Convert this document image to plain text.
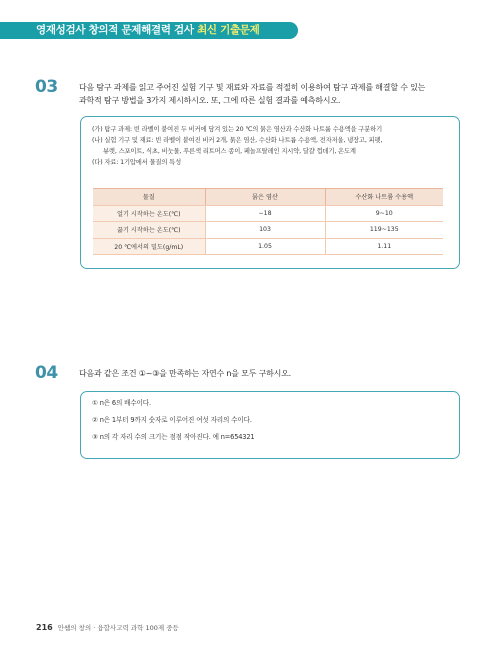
영재성검사 창의적 문제해결력 검사 최신 기출문제
03	다음 탐구 과제를 읽고 주어진 실험 기구 및 재료와 자료를 적절히 이용하여 탐구 과제를 해결할 수 있는
과학적 탐구 방법을 3가지 제시하시오. 또, 그에 따른 실험 결과를 예측하시오.
(가) 탐구 과제: 빈 라벨이 붙여진 두 비커에 담겨 있는 20 ℃의 묽은 염산과 수산화 나트륨 수용액을 구분하기
(나) 실험 기구 및 재료: 빈 라벨이 붙여진 비커 2개, 묽은 염산, 수산화 나트륨 수용액, 전자저울, 냉장고, 피펫,
뷰렛, 스포이트, 식초, 비눗물, 푸른색 리트머스 종이, 페놀프탈레인 지시약, 달걀 껍데기, 온도계
(다) 자료: 1기압에서 물질의 특성
물질	묽은 염산	수산화 나트륨 수용액
얼기 시작하는 온도(℃)	−18	9~10
끓기 시작하는 온도(℃)	103	119~135
20 ℃에서의 밀도(g/mL)	1.05	1.11
04	다음과 같은 조건 ①~③을 만족하는 자연수 n을 모두 구하시오.
① n은 6의 배수이다.
② n은 1부터 9까지 숫자로 이루어진 여섯 자리의 수이다.
③ n의 각 자리 수의 크기는 점점 작아진다. 예 n=654321
216 안쌤의 창의 · 융합사고력 과학 100제 중등
